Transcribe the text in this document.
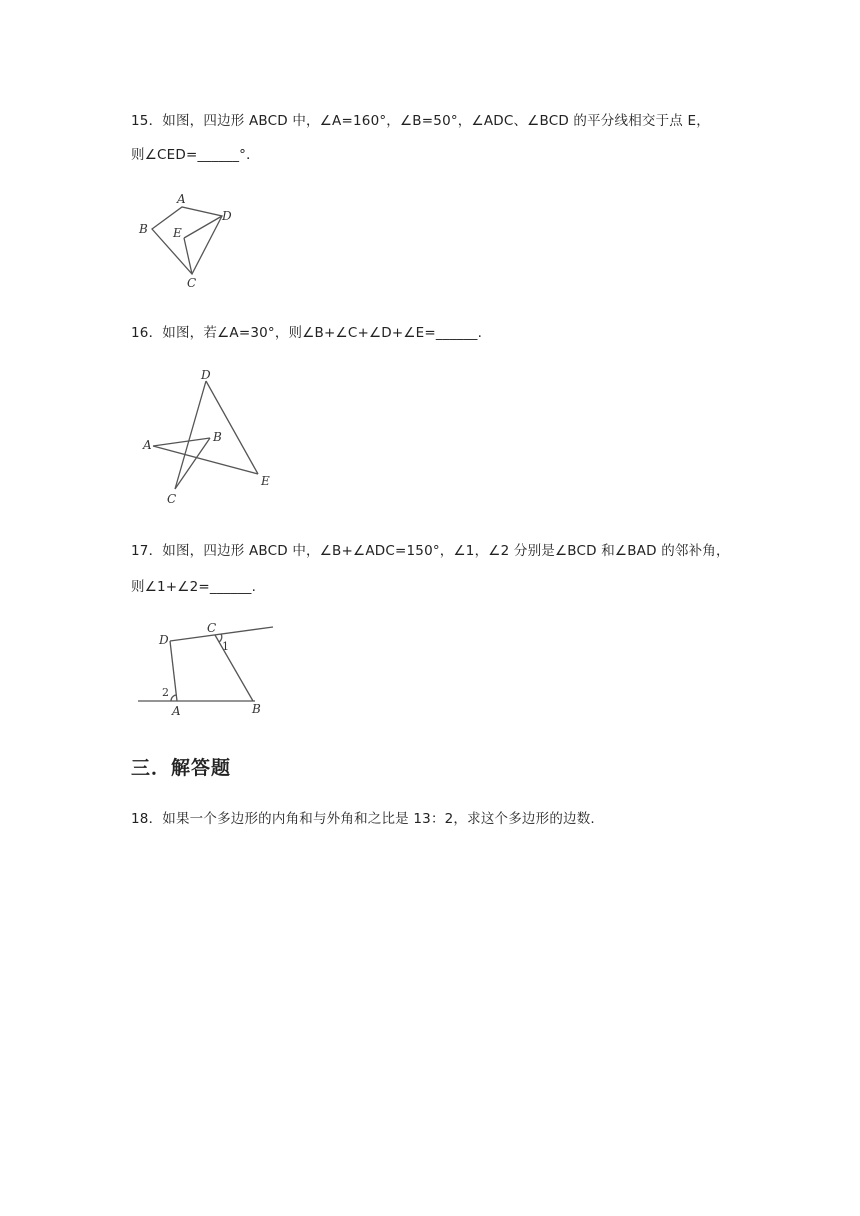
15．如图，四边形 ABCD 中，∠A=160°，∠B=50°，∠ADC、∠BCD 的平分线相交于点 E，
则∠CED=______°．
A
B
C
D
E
16．如图，若∠A=30°，则∠B+∠C+∠D+∠E=______.
A
B
C
D
E
17．如图，四边形 ABCD 中，∠B+∠ADC=150°，∠1，∠2 分别是∠BCD 和∠BAD 的邻补角，
则∠1+∠2=______.
A	B
C
D	1
2
三．解答题
18．如果一个多边形的内角和与外角和之比是 13：2，求这个多边形的边数.
